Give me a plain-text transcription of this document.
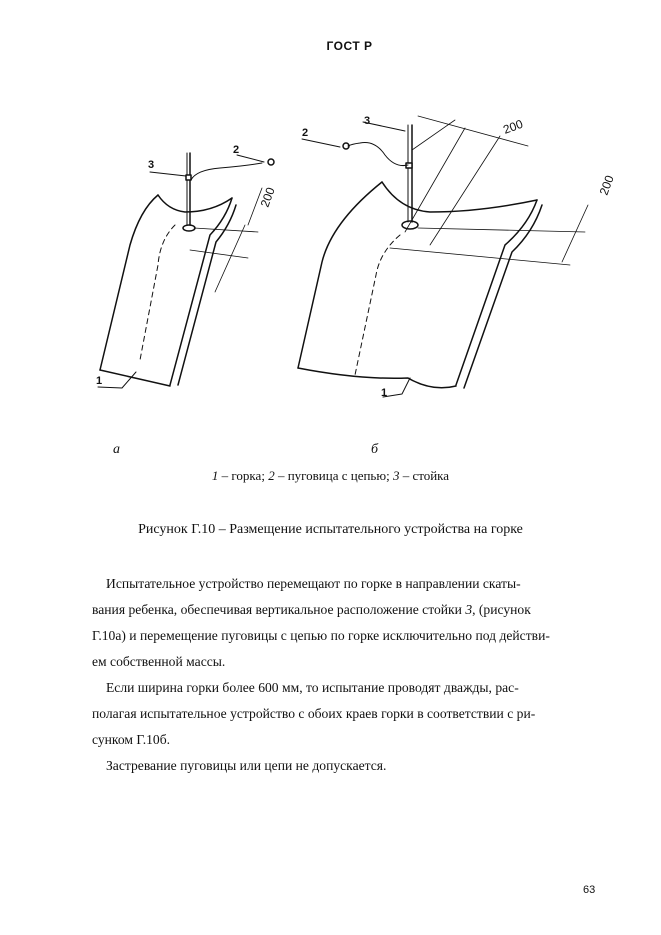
ГОСТ Р
3
2
1
200
3
2
1
200
200
а	б
1 – горка; 2 – пуговица с цепью; 3 – стойка
Рисунок Г.10 – Размещение испытательного устройства на горке
Испытательное устройство перемещают по горке в направлении скаты-
вания ребенка, обеспечивая вертикальное расположение стойки 3, (рисунок
Г.10а) и перемещение пуговицы с цепью по горке исключительно под действи-
ем собственной массы.
Если ширина горки более 600 мм, то испытание проводят дважды, рас-
полагая испытательное устройство с обоих краев горки в соответствии с ри-
сунком Г.10б.
Застревание пуговицы или цепи не допускается.
63
